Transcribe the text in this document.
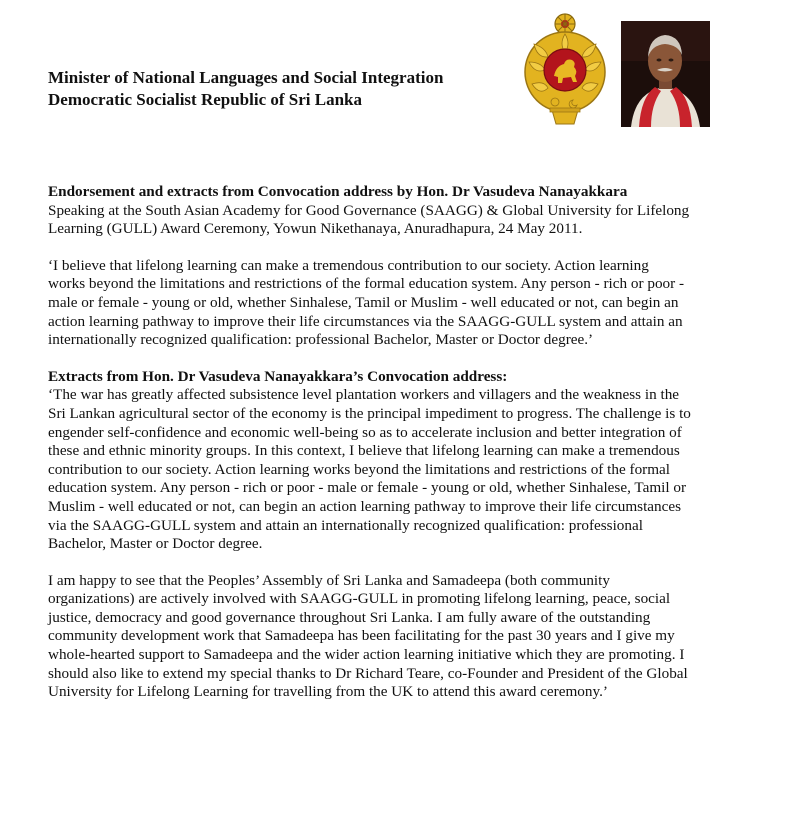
Minister of National Languages and Social Integration
Democratic Socialist Republic of Sri Lanka

Endorsement and extracts from Convocation address by Hon. Dr Vasudeva Nanayakkara

Speaking at the South Asian Academy for Good Governance (SAAGG) & Global University for Lifelong

Learning (GULL) Award Ceremony, Yowun Nikethanaya, Anuradhapura, 24 May 2011.

‘I believe that lifelong learning can make a tremendous contribution to our society. Action learning

works beyond the limitations and restrictions of the formal education system. Any person - rich or poor -

male or female - young or old, whether Sinhalese, Tamil or Muslim - well educated or not, can begin an

action learning pathway to improve their life circumstances via the SAAGG-GULL system and attain an

internationally recognized qualification: professional Bachelor, Master or Doctor degree.’

Extracts from Hon. Dr Vasudeva Nanayakkara’s Convocation address:

‘The war has greatly affected subsistence level plantation workers and villagers and the weakness in the

Sri Lankan agricultural sector of the economy is the principal impediment to progress. The challenge is to

engender self-confidence and economic well-being so as to accelerate inclusion and better integration of

these and ethnic minority groups. In this context, I believe that lifelong learning can make a tremendous

contribution to our society. Action learning works beyond the limitations and restrictions of the formal

education system. Any person - rich or poor - male or female - young or old, whether Sinhalese, Tamil or

Muslim - well educated or not, can begin an action learning pathway to improve their life circumstances

via the SAAGG-GULL system and attain an internationally recognized qualification: professional

Bachelor, Master or Doctor degree.

I am happy to see that the Peoples’ Assembly of Sri Lanka and Samadeepa (both community

organizations) are actively involved with SAAGG-GULL in promoting lifelong learning, peace, social

justice, democracy and good governance throughout Sri Lanka. I am fully aware of the outstanding

community development work that Samadeepa has been facilitating for the past 30 years and I give my

whole-hearted support to Samadeepa and the wider action learning initiative which they are promoting. I

should also like to extend my special thanks to Dr Richard Teare, co-Founder and President of the Global

University for Lifelong Learning for travelling from the UK to attend this award ceremony.’
